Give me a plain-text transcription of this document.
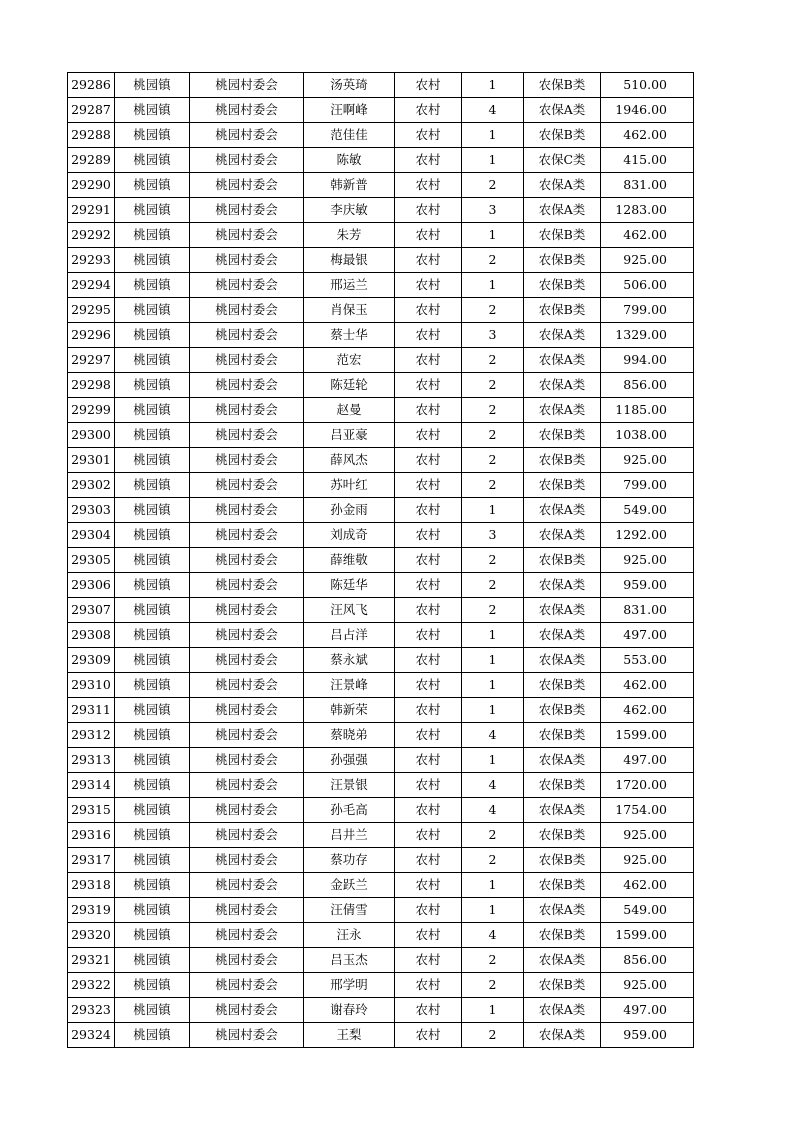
29286	桃园镇	桃园村委会	汤英琦	农村	1	农保B类	510.00
29287	桃园镇	桃园村委会	汪啊峰	农村	4	农保A类	1946.00
29288	桃园镇	桃园村委会	范佳佳	农村	1	农保B类	462.00
29289	桃园镇	桃园村委会	陈敏	农村	1	农保C类	415.00
29290	桃园镇	桃园村委会	韩新普	农村	2	农保A类	831.00
29291	桃园镇	桃园村委会	李庆敏	农村	3	农保A类	1283.00
29292	桃园镇	桃园村委会	朱芳	农村	1	农保B类	462.00
29293	桃园镇	桃园村委会	梅最银	农村	2	农保B类	925.00
29294	桃园镇	桃园村委会	邢运兰	农村	1	农保B类	506.00
29295	桃园镇	桃园村委会	肖保玉	农村	2	农保B类	799.00
29296	桃园镇	桃园村委会	蔡士华	农村	3	农保A类	1329.00
29297	桃园镇	桃园村委会	范宏	农村	2	农保A类	994.00
29298	桃园镇	桃园村委会	陈廷轮	农村	2	农保A类	856.00
29299	桃园镇	桃园村委会	赵曼	农村	2	农保A类	1185.00
29300	桃园镇	桃园村委会	吕亚豪	农村	2	农保B类	1038.00
29301	桃园镇	桃园村委会	薛风杰	农村	2	农保B类	925.00
29302	桃园镇	桃园村委会	苏叶红	农村	2	农保B类	799.00
29303	桃园镇	桃园村委会	孙金雨	农村	1	农保A类	549.00
29304	桃园镇	桃园村委会	刘成奇	农村	3	农保A类	1292.00
29305	桃园镇	桃园村委会	薛维敬	农村	2	农保B类	925.00
29306	桃园镇	桃园村委会	陈廷华	农村	2	农保A类	959.00
29307	桃园镇	桃园村委会	汪风飞	农村	2	农保A类	831.00
29308	桃园镇	桃园村委会	吕占洋	农村	1	农保A类	497.00
29309	桃园镇	桃园村委会	蔡永斌	农村	1	农保A类	553.00
29310	桃园镇	桃园村委会	汪景峰	农村	1	农保B类	462.00
29311	桃园镇	桃园村委会	韩新荣	农村	1	农保B类	462.00
29312	桃园镇	桃园村委会	蔡晓弟	农村	4	农保B类	1599.00
29313	桃园镇	桃园村委会	孙强强	农村	1	农保A类	497.00
29314	桃园镇	桃园村委会	汪景银	农村	4	农保B类	1720.00
29315	桃园镇	桃园村委会	孙毛高	农村	4	农保A类	1754.00
29316	桃园镇	桃园村委会	吕井兰	农村	2	农保B类	925.00
29317	桃园镇	桃园村委会	蔡功存	农村	2	农保B类	925.00
29318	桃园镇	桃园村委会	金跃兰	农村	1	农保B类	462.00
29319	桃园镇	桃园村委会	汪倩雪	农村	1	农保A类	549.00
29320	桃园镇	桃园村委会	汪永	农村	4	农保B类	1599.00
29321	桃园镇	桃园村委会	吕玉杰	农村	2	农保A类	856.00
29322	桃园镇	桃园村委会	邢学明	农村	2	农保B类	925.00
29323	桃园镇	桃园村委会	谢春玲	农村	1	农保A类	497.00
29324	桃园镇	桃园村委会	王梨	农村	2	农保A类	959.00
